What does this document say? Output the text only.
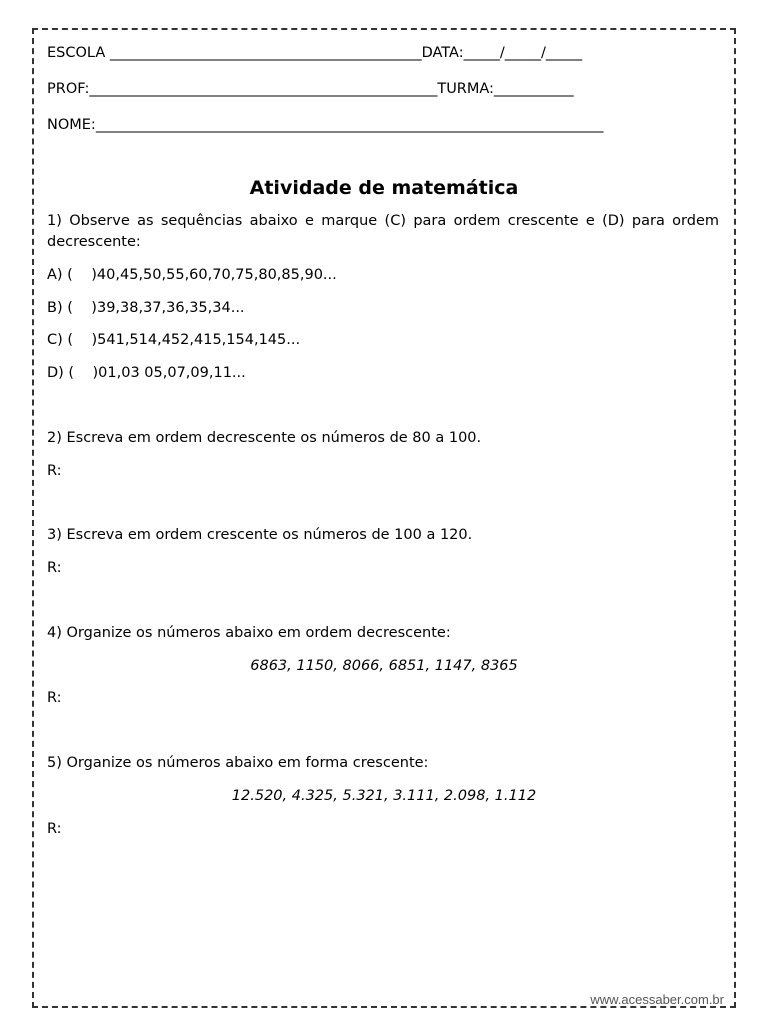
ESCOLA ___________________________________________DATA:_____/_____/_____
PROF:________________________________________________TURMA:___________
NOME:______________________________________________________________________
Atividade de matemática
1) Observe as sequências abaixo e marque (C) para ordem crescente e (D) para ordem decrescente:
A) (    )40,45,50,55,60,70,75,80,85,90...
B) (    )39,38,37,36,35,34...
C) (    )541,514,452,415,154,145...
D) (    )01,03 05,07,09,11...
2) Escreva em ordem decrescente os números de 80 a 100.
R:
3) Escreva em ordem crescente os números de 100 a 120.
R:
4) Organize os números abaixo em ordem decrescente:
6863, 1150, 8066, 6851, 1147, 8365
R:
5) Organize os números abaixo em forma crescente:
12.520, 4.325, 5.321, 3.111, 2.098, 1.112
R:
www.acessaber.com.br
